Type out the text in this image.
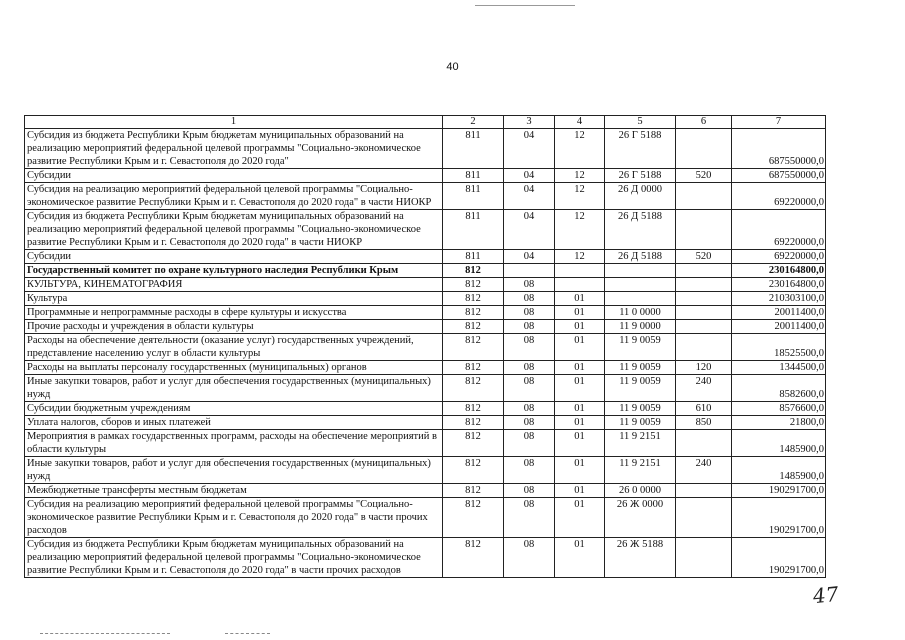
40
1	2	3	4	5	6	7
Субсидия из бюджета Республики Крым бюджетам муниципальных образований на реализацию мероприятий федеральной целевой программы "Социально-экономическое развитие Республики Крым и г. Севастополя до 2020 года"	811	04	12	26 Г 5188		687550000,0
Субсидии	811	04	12	26 Г 5188	520	687550000,0
Субсидия на реализацию мероприятий федеральной целевой программы "Социально-экономическое развитие Республики Крым и г. Севастополя до 2020 года" в части НИОКР	811	04	12	26 Д 0000		69220000,0
Субсидия из бюджета Республики Крым бюджетам муниципальных образований на реализацию мероприятий федеральной целевой программы "Социально-экономическое развитие Республики Крым и г. Севастополя до 2020 года" в части НИОКР	811	04	12	26 Д 5188		69220000,0
Субсидии	811	04	12	26 Д 5188	520	69220000,0
Государственный комитет по охране культурного наследия Республики Крым	812					230164800,0
КУЛЬТУРА, КИНЕМАТОГРАФИЯ	812	08				230164800,0
Культура	812	08	01			210303100,0
Программные и непрограммные расходы в сфере культуры и искусства	812	08	01	11 0 0000		20011400,0
Прочие расходы и учреждения в области культуры	812	08	01	11 9 0000		20011400,0
Расходы на обеспечение деятельности (оказание услуг) государственных учреждений, представление населению услуг в области культуры	812	08	01	11 9 0059		18525500,0
Расходы на выплаты персоналу государственных (муниципальных) органов	812	08	01	11 9 0059	120	1344500,0
Иные закупки товаров, работ и услуг для обеспечения государственных (муниципальных) нужд	812	08	01	11 9 0059	240	8582600,0
Субсидии бюджетным учреждениям	812	08	01	11 9 0059	610	8576600,0
Уплата налогов, сборов и иных платежей	812	08	01	11 9 0059	850	21800,0
Мероприятия в рамках государственных программ, расходы на обеспечение мероприятий в области культуры	812	08	01	11 9 2151		1485900,0
Иные закупки товаров, работ и услуг для обеспечения государственных (муниципальных) нужд	812	08	01	11 9 2151	240	1485900,0
Межбюджетные трансферты местным бюджетам	812	08	01	26 0 0000		190291700,0
Субсидия на реализацию мероприятий федеральной целевой программы "Социально-экономическое развитие Республики Крым и г. Севастополя до 2020 года" в части прочих расходов	812	08	01	26 Ж 0000		190291700,0
Субсидия из бюджета Республики Крым бюджетам муниципальных образований на реализацию мероприятий федеральной целевой программы "Социально-экономическое развитие Республики Крым и г. Севастополя до 2020 года" в части прочих расходов	812	08	01	26 Ж 5188		190291700,0
47
